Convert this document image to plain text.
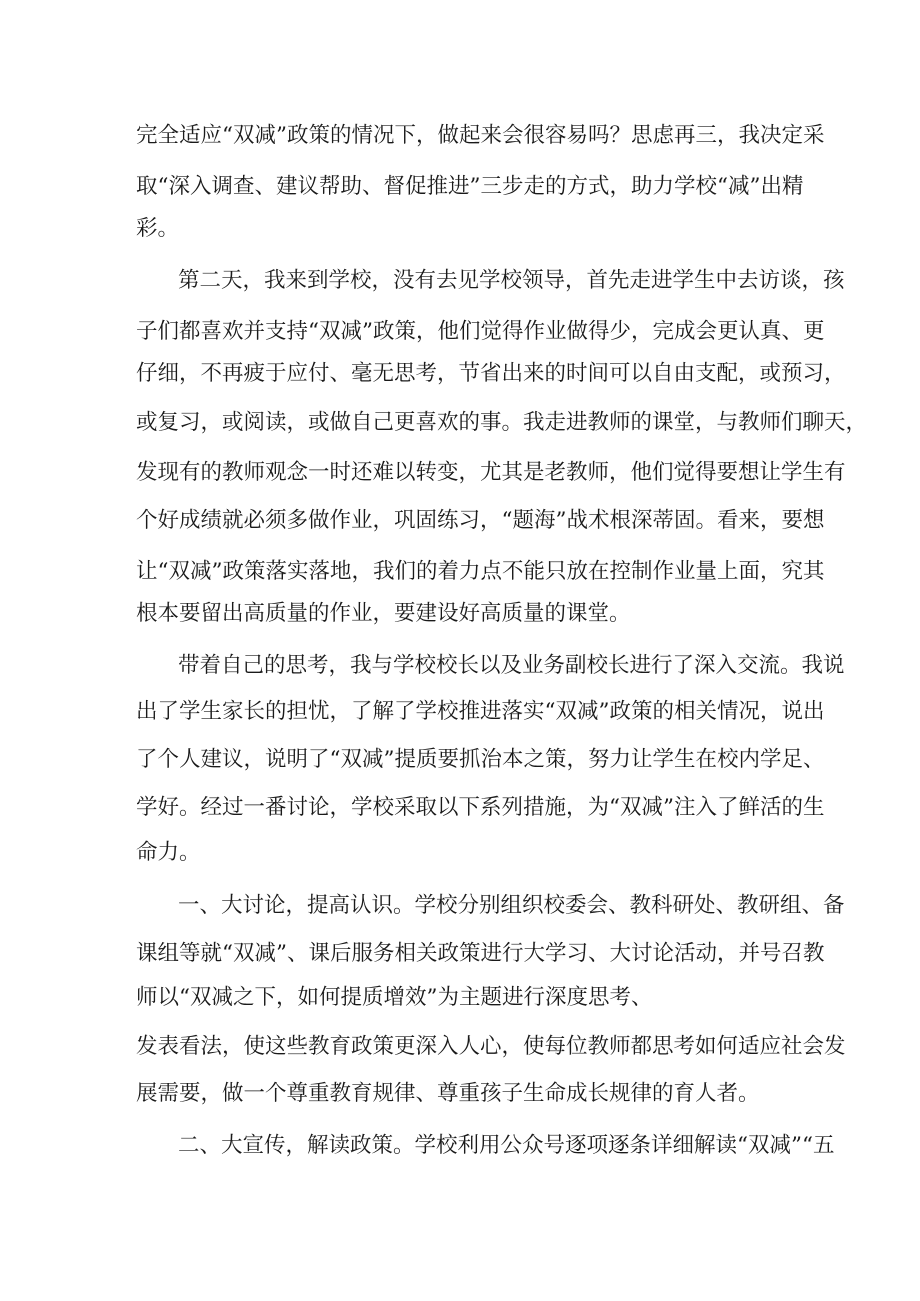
完全适应“双减”政策的情况下，做起来会很容易吗？思虑再三，我决定采
取“深入调查、建议帮助、督促推进”三步走的方式，助力学校“减”出精
彩。
第二天，我来到学校，没有去见学校领导，首先走进学生中去访谈，孩
子们都喜欢并支持“双减”政策，他们觉得作业做得少，完成会更认真、更
仔细，不再疲于应付、毫无思考，节省出来的时间可以自由支配，或预习，
或复习，或阅读，或做自己更喜欢的事。我走进教师的课堂，与教师们聊天，
发现有的教师观念一时还难以转变，尤其是老教师，他们觉得要想让学生有
个好成绩就必须多做作业，巩固练习，“题海”战术根深蒂固。看来，要想
让“双减”政策落实落地，我们的着力点不能只放在控制作业量上面，究其
根本要留出高质量的作业，要建设好高质量的课堂。
带着自己的思考，我与学校校长以及业务副校长进行了深入交流。我说
出了学生家长的担忧，了解了学校推进落实“双减”政策的相关情况，说出
了个人建议，说明了“双减”提质要抓治本之策，努力让学生在校内学足、
学好。经过一番讨论，学校采取以下系列措施，为“双减”注入了鲜活的生
命力。
一、大讨论，提高认识。学校分别组织校委会、教科研处、教研组、备
课组等就“双减”、课后服务相关政策进行大学习、大讨论活动，并号召教
师以“双减之下，如何提质增效”为主题进行深度思考、
发表看法，使这些教育政策更深入人心，使每位教师都思考如何适应社会发
展需要，做一个尊重教育规律、尊重孩子生命成长规律的育人者。
二、大宣传，解读政策。学校利用公众号逐项逐条详细解读“双减”“五
